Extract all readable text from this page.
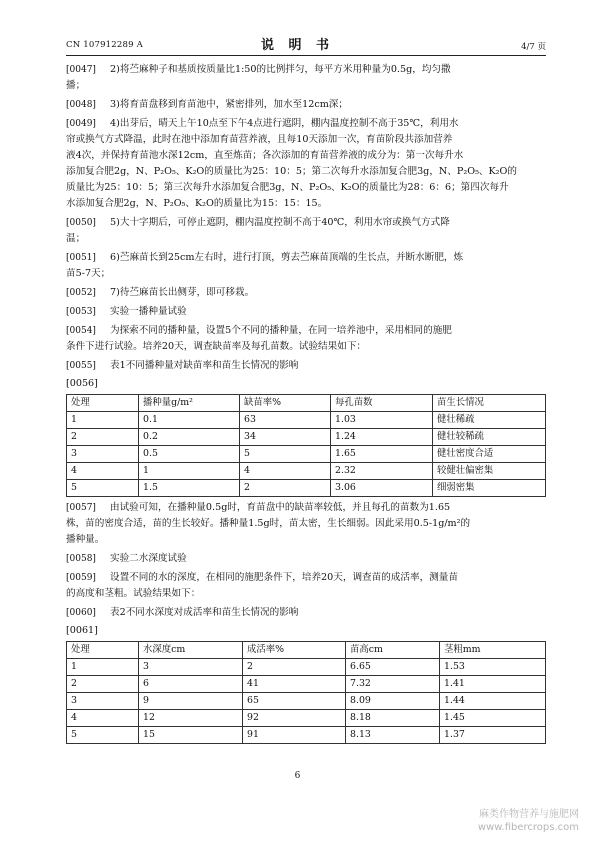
CN 107912289 A	说 明 书	4/7 页
[0047] 2)将苎麻种子和基质按质量比1:50的比例拌匀，每平方米用种量为0.5g，均匀撒
播；
[0048] 3)将育苗盘移到育苗池中，紧密排列，加水至12cm深；
[0049] 4)出芽后，晴天上午10点至下午4点进行遮阴，棚内温度控制不高于35℃，利用水
帘或换气方式降温，此时在池中添加育苗营养液，且每10天添加一次，育苗阶段共添加营养
液4次，并保持育苗池水深12cm，直至炼苗；各次添加的育苗营养液的成分为：第一次每升水
添加复合肥2g，N、P₂O₅、K₂O的质量比为25：10：5；第二次每升水添加复合肥3g，N、P₂O₅、K₂O的
质量比为25：10：5；第三次每升水添加复合肥3g，N、P₂O₅、K₂O的质量比为28：6：6；第四次每升
水添加复合肥2g，N、P₂O₅、K₂O的质量比为15：15：15。
[0050] 5)大十字期后，可停止遮阴，棚内温度控制不高于40℃，利用水帘或换气方式降
温；
[0051] 6)苎麻苗长到25cm左右时，进行打顶，剪去苎麻苗顶端的生长点，并断水断肥，炼
苗5-7天；
[0052] 7)待苎麻苗长出侧芽，即可移栽。
[0053] 实验一播种量试验
[0054] 为探索不同的播种量，设置5个不同的播种量，在同一培养池中，采用相同的施肥
条件下进行试验。培养20天，调查缺苗率及每孔苗数。试验结果如下：
[0055] 表1不同播种量对缺苗率和苗生长情况的影响
[0056]
处理	播种量g/m²	缺苗率%	每孔苗数	苗生长情况
1	0.1	63	1.03	健壮稀疏
2	0.2	34	1.24	健壮较稀疏
3	0.5	5	1.65	健壮密度合适
4	1	4	2.32	较健壮偏密集
5	1.5	2	3.06	细弱密集
[0057] 由试验可知，在播种量0.5g时，育苗盘中的缺苗率较低，并且每孔的苗数为1.65
株，苗的密度合适，苗的生长较好。播种量1.5g时，苗太密，生长细弱。因此采用0.5-1g/m²的
播种量。
[0058] 实验二水深度试验
[0059] 设置不同的水的深度，在相同的施肥条件下，培养20天，调查苗的成活率，测量苗
的高度和茎粗。试验结果如下：
[0060] 表2不同水深度对成活率和苗生长情况的影响
[0061]
处理	水深度cm	成活率%	苗高cm	茎粗mm
1	3	2	6.65	1.53
2	6	41	7.32	1.41
3	9	65	8.09	1.44
4	12	92	8.18	1.45
5	15	91	8.13	1.37
6
麻类作物营养与施肥网
www.fibercrops.com
